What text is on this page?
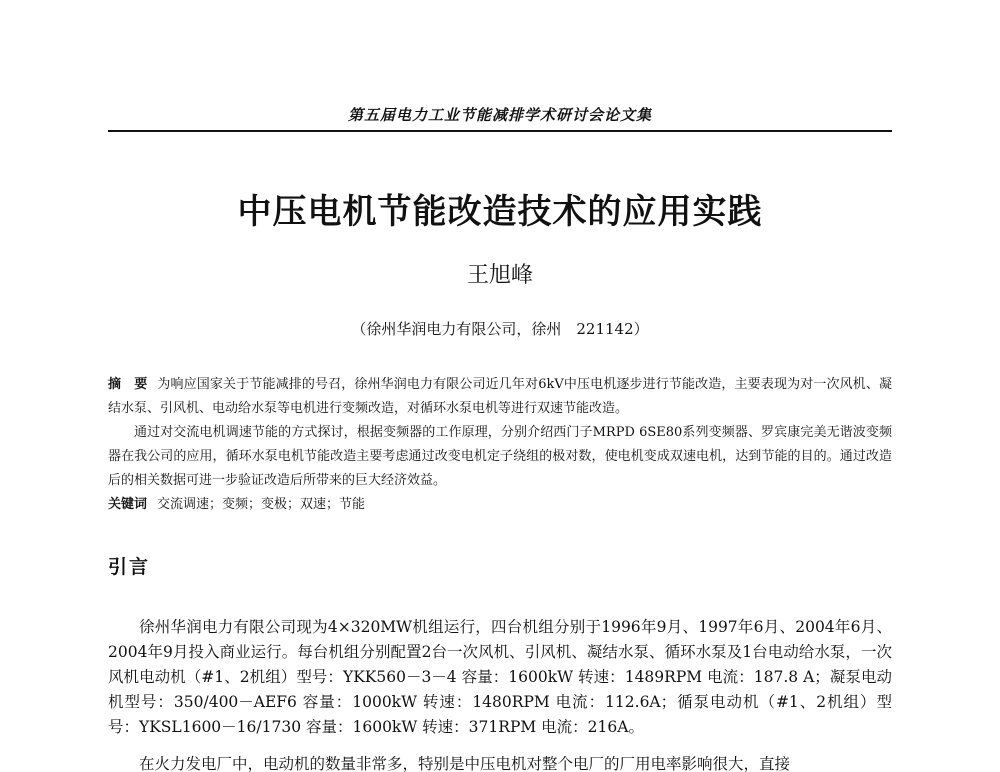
第五届电力工业节能减排学术研讨会论文集
中压电机节能改造技术的应用实践
王旭峰
（徐州华润电力有限公司，徐州　221142）

摘　要 为响应国家关于节能减排的号召，徐州华润电力有限公司近几年对6kV中压电机逐步进行节能改造，主要表现为对一次风机、凝结水泵、引风机、电动给水泵等电机进行变频改造，对循环水泵电机等进行双速节能改造。

通过对交流电机调速节能的方式探讨，根据变频器的工作原理，分别介绍西门子MRPD 6SE80系列变频器、罗宾康完美无谐波变频器在我公司的应用，循环水泵电机节能改造主要考虑通过改变电机定子绕组的极对数，使电机变成双速电机，达到节能的目的。通过改造后的相关数据可进一步验证改造后所带来的巨大经济效益。

关键词 交流调速；变频；变极；双速；节能

引言

徐州华润电力有限公司现为4×320MW机组运行，四台机组分别于1996年9月、1997年6月、2004年6月、2004年9月投入商业运行。每台机组分别配置2台一次风机、引风机、凝结水泵、循环水泵及1台电动给水泵，一次风机电动机（#1、2机组）型号：YKK560－3－4 容量：1600kW 转速：1489RPM 电流：187.8 A；凝泵电动机型号：350/400－AEF6 容量：1000kW 转速：1480RPM 电流：112.6A；循泵电动机（#1、2机组）型号：YKSL1600－16/1730 容量：1600kW 转速：371RPM 电流：216A。

在火力发电厂中，电动机的数量非常多，特别是中压电机对整个电厂的厂用电率影响很大，直接
